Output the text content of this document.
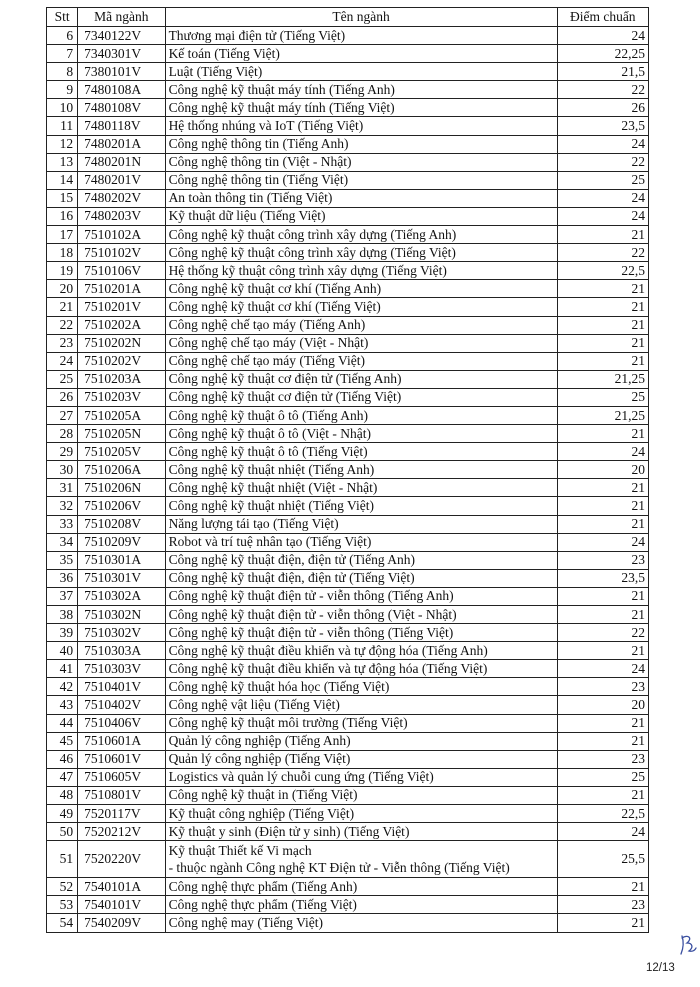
Stt	Mã ngành	Tên ngành	Điểm chuẩn
6	7340122V	Thương mại điện tử (Tiếng Việt)	24
7	7340301V	Kế toán (Tiếng Việt)	22,25
8	7380101V	Luật (Tiếng Việt)	21,5
9	7480108A	Công nghệ kỹ thuật máy tính (Tiếng Anh)	22
10	7480108V	Công nghệ kỹ thuật máy tính (Tiếng Việt)	26
11	7480118V	Hệ thống nhúng và IoT (Tiếng Việt)	23,5
12	7480201A	Công nghệ thông tin (Tiếng Anh)	24
13	7480201N	Công nghệ thông tin (Việt - Nhật)	22
14	7480201V	Công nghệ thông tin (Tiếng Việt)	25
15	7480202V	An toàn thông tin (Tiếng Việt)	24
16	7480203V	Kỹ thuật dữ liệu (Tiếng Việt)	24
17	7510102A	Công nghệ kỹ thuật công trình xây dựng (Tiếng Anh)	21
18	7510102V	Công nghệ kỹ thuật công trình xây dựng (Tiếng Việt)	22
19	7510106V	Hệ thống kỹ thuật công trình xây dựng (Tiếng Việt)	22,5
20	7510201A	Công nghệ kỹ thuật cơ khí (Tiếng Anh)	21
21	7510201V	Công nghệ kỹ thuật cơ khí (Tiếng Việt)	21
22	7510202A	Công nghệ chế tạo máy (Tiếng Anh)	21
23	7510202N	Công nghệ chế tạo máy (Việt - Nhật)	21
24	7510202V	Công nghệ chế tạo máy (Tiếng Việt)	21
25	7510203A	Công nghệ kỹ thuật cơ điện tử (Tiếng Anh)	21,25
26	7510203V	Công nghệ kỹ thuật cơ điện tử (Tiếng Việt)	25
27	7510205A	Công nghệ kỹ thuật ô tô (Tiếng Anh)	21,25
28	7510205N	Công nghệ kỹ thuật ô tô (Việt - Nhật)	21
29	7510205V	Công nghệ kỹ thuật ô tô (Tiếng Việt)	24
30	7510206A	Công nghệ kỹ thuật nhiệt (Tiếng Anh)	20
31	7510206N	Công nghệ kỹ thuật nhiệt (Việt - Nhật)	21
32	7510206V	Công nghệ kỹ thuật nhiệt (Tiếng Việt)	21
33	7510208V	Năng lượng tái tạo (Tiếng Việt)	21
34	7510209V	Robot và trí tuệ nhân tạo (Tiếng Việt)	24
35	7510301A	Công nghệ kỹ thuật điện, điện tử (Tiếng Anh)	23
36	7510301V	Công nghệ kỹ thuật điện, điện tử (Tiếng Việt)	23,5
37	7510302A	Công nghệ kỹ thuật điện tử - viễn thông (Tiếng Anh)	21
38	7510302N	Công nghệ kỹ thuật điện tử - viễn thông (Việt - Nhật)	21
39	7510302V	Công nghệ kỹ thuật điện tử - viễn thông (Tiếng Việt)	22
40	7510303A	Công nghệ kỹ thuật điều khiển và tự động hóa (Tiếng Anh)	21
41	7510303V	Công nghệ kỹ thuật điều khiển và tự động hóa (Tiếng Việt)	24
42	7510401V	Công nghệ kỹ thuật hóa học (Tiếng Việt)	23
43	7510402V	Công nghệ vật liệu (Tiếng Việt)	20
44	7510406V	Công nghệ kỹ thuật môi trường (Tiếng Việt)	21
45	7510601A	Quản lý công nghiệp (Tiếng Anh)	21
46	7510601V	Quản lý công nghiệp (Tiếng Việt)	23
47	7510605V	Logistics và quản lý chuỗi cung ứng (Tiếng Việt)	25
48	7510801V	Công nghệ kỹ thuật in (Tiếng Việt)	21
49	7520117V	Kỹ thuật công nghiệp (Tiếng Việt)	22,5
50	7520212V	Kỹ thuật y sinh (Điện tử y sinh) (Tiếng Việt)	24
51	7520220V	Kỹ thuật Thiết kế Vi mạch
- thuộc ngành Công nghệ KT Điện tử - Viễn thông (Tiếng Việt)	25,5
52	7540101A	Công nghệ thực phẩm (Tiếng Anh)	21
53	7540101V	Công nghệ thực phẩm (Tiếng Việt)	23
54	7540209V	Công nghệ may (Tiếng Việt)	21
12/13
